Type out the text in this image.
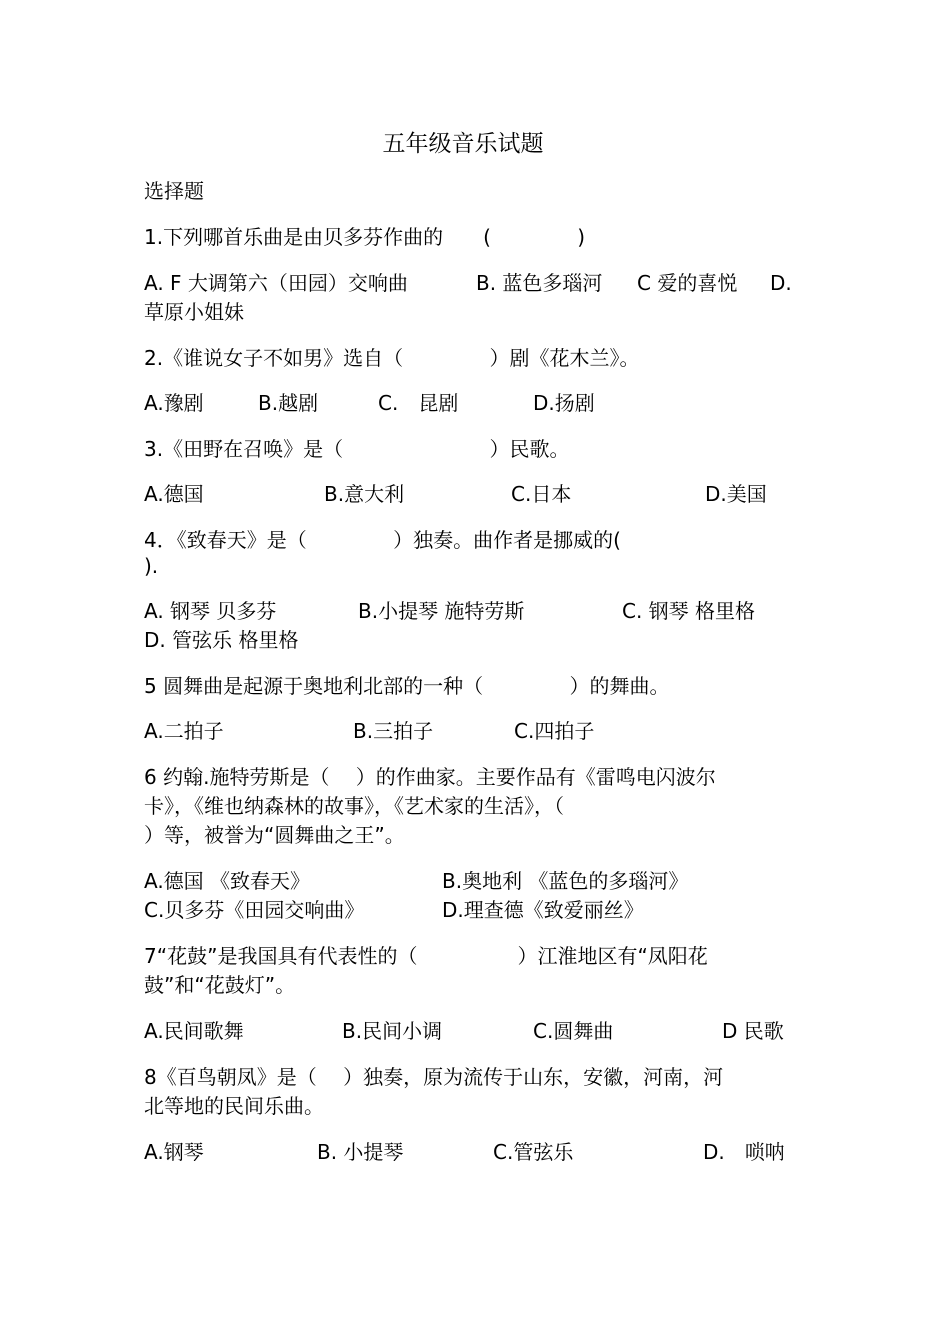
五年级音乐试题
选择题
1.下列哪首乐曲是由贝多芬作曲的　　(　　　　 )
A. F 大调第六（田园）交响曲	B. 蓝色多瑙河 C 爱的喜悦 D.
草原小姐妹
2.《谁说女子不如男》选自（　　　　 ）剧《花木兰》。
A.豫剧	B.越剧	C.　昆剧	D.扬剧
3.《田野在召唤》是（　　　　　　　 ）民歌。
A.德国	B.意大利	C.日本	D.美国
4．《致春天》是（　　　　 ）独奏。曲作者是挪威的(
).
A. 钢琴 贝多芬	B.小提琴 施特劳斯	C. 钢琴 格里格
D. 管弦乐 格里格
5 圆舞曲是起源于奥地利北部的一种（　　　　 ）的舞曲。
A.二拍子	B.三拍子	C.四拍子
6 约翰.施特劳斯是（　 ）的作曲家。主要作品有《雷鸣电闪波尔
卡》，《维也纳森林的故事》，《艺术家的生活》，（
）等，被誉为“圆舞曲之王”。
A.德国 《致春天》	B.奥地利 《蓝色的多瑙河》
C.贝多芬《田园交响曲》	D.理查德《致爱丽丝》
7“花鼓”是我国具有代表性的（　　　　　）江淮地区有“凤阳花
鼓”和“花鼓灯”。
A.民间歌舞	B.民间小调	C.圆舞曲	D 民歌
8《百鸟朝凤》是（　 ）独奏，原为流传于山东，安徽，河南，河
北等地的民间乐曲。
A.钢琴	B. 小提琴	C.管弦乐	D.　唢呐
